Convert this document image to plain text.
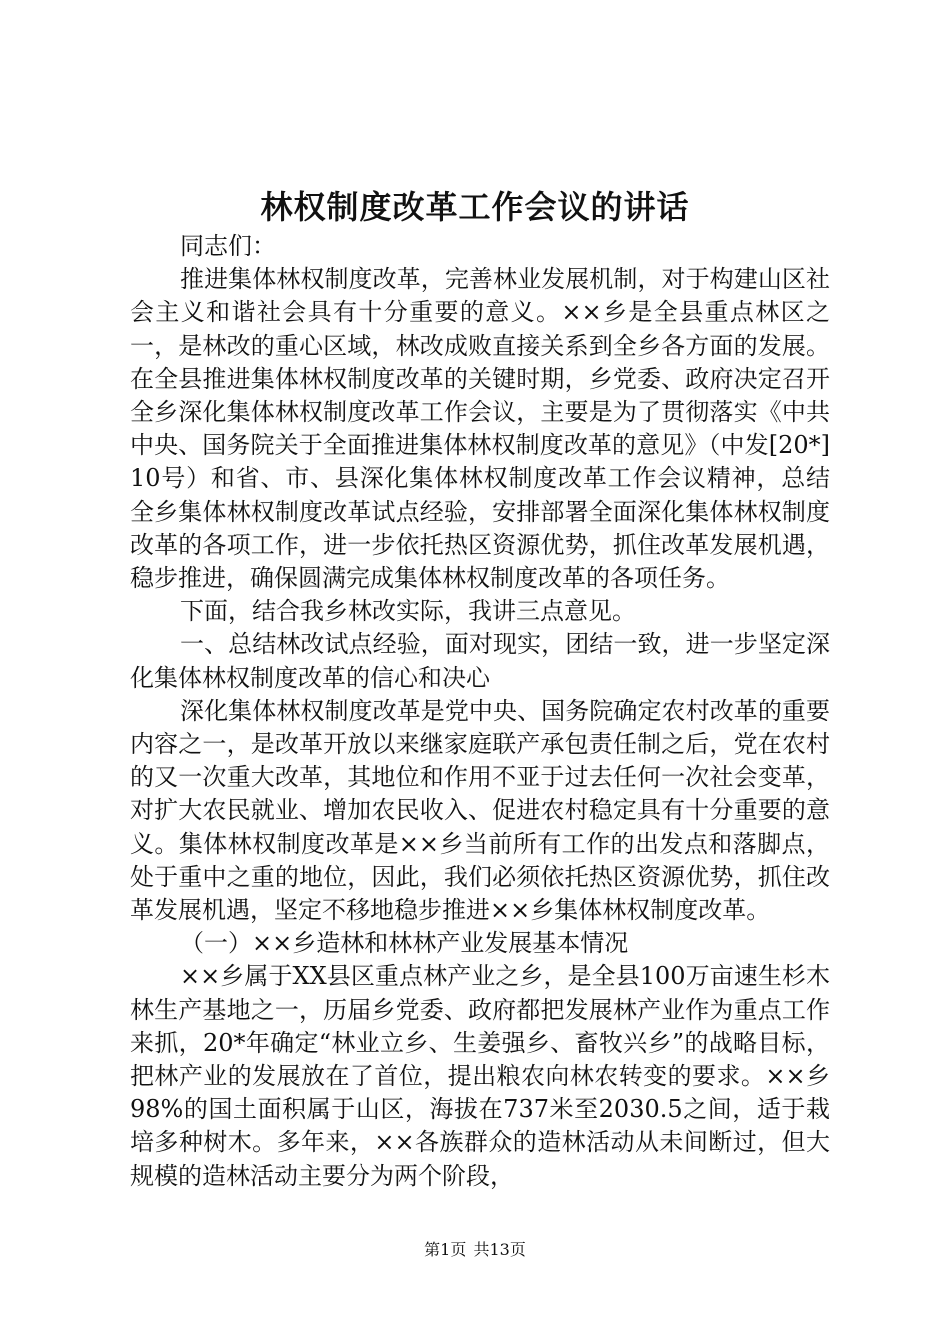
林权制度改革工作会议的讲话

同志们：

推进集体林权制度改革，完善林业发展机制，对于构建山区社会主义和谐社会具有十分重要的意义。××乡是全县重点林区之一，是林改的重心区域，林改成败直接关系到全乡各方面的发展。在全县推进集体林权制度改革的关键时期，乡党委、政府决定召开全乡深化集体林权制度改革工作会议，主要是为了贯彻落实《中共中央、国务院关于全面推进集体林权制度改革的意见》（中发[20*]10号）和省、市、县深化集体林权制度改革工作会议精神，总结全乡集体林权制度改革试点经验，安排部署全面深化集体林权制度改革的各项工作，进一步依托热区资源优势，抓住改革发展机遇，稳步推进，确保圆满完成集体林权制度改革的各项任务。

下面，结合我乡林改实际，我讲三点意见。

一、总结林改试点经验，面对现实，团结一致，进一步坚定深化集体林权制度改革的信心和决心

深化集体林权制度改革是党中央、国务院确定农村改革的重要内容之一，是改革开放以来继家庭联产承包责任制之后，党在农村的又一次重大改革，其地位和作用不亚于过去任何一次社会变革，对扩大农民就业、增加农民收入、促进农村稳定具有十分重要的意义。集体林权制度改革是××乡当前所有工作的出发点和落脚点，处于重中之重的地位，因此，我们必须依托热区资源优势，抓住改革发展机遇，坚定不移地稳步推进××乡集体林权制度改革。

（一）××乡造林和林林产业发展基本情况

××乡属于XX县区重点林产业之乡，是全县100万亩速生杉木林生产基地之一，历届乡党委、政府都把发展林产业作为重点工作来抓，20*年确定“林业立乡、生姜强乡、畜牧兴乡”的战略目标，把林产业的发展放在了首位，提出粮农向林农转变的要求。××乡98%的国土面积属于山区，海拔在737米至2030.5之间，适于栽培多种树木。多年来，××各族群众的造林活动从未间断过，但大规模的造林活动主要分为两个阶段，

第1页 共13页
